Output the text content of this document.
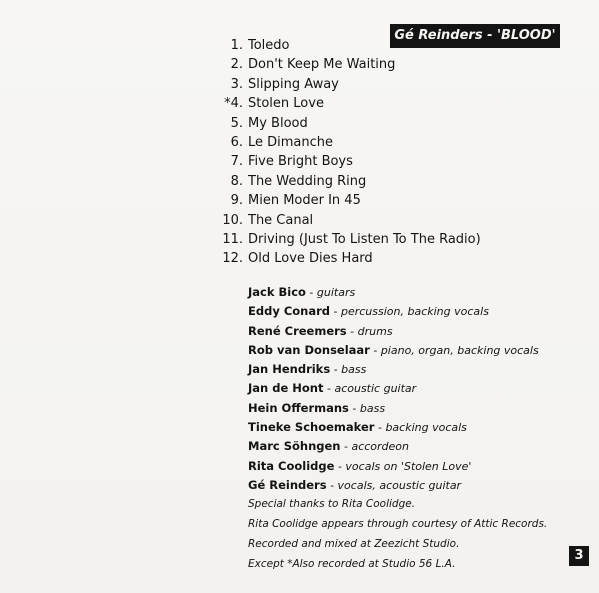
Gé Reinders - 'BLOOD'
1. Toledo
2. Don't Keep Me Waiting
3. Slipping Away
*4. Stolen Love
5. My Blood
6. Le Dimanche
7. Five Bright Boys
8. The Wedding Ring
9. Mien Moder In 45
10. The Canal
11. Driving (Just To Listen To The Radio)
12. Old Love Dies Hard
Jack Bico - guitars
Eddy Conard - percussion, backing vocals
René Creemers - drums
Rob van Donselaar - piano, organ, backing vocals
Jan Hendriks - bass
Jan de Hont - acoustic guitar
Hein Offermans - bass
Tineke Schoemaker - backing vocals
Marc Söhngen - accordeon
Rita Coolidge - vocals on 'Stolen Love'
Gé Reinders - vocals, acoustic guitar
Special thanks to Rita Coolidge.
Rita Coolidge appears through courtesy of Attic Records.
Recorded and mixed at Zeezicht Studio.
Except *Also recorded at Studio 56 L.A.
3
